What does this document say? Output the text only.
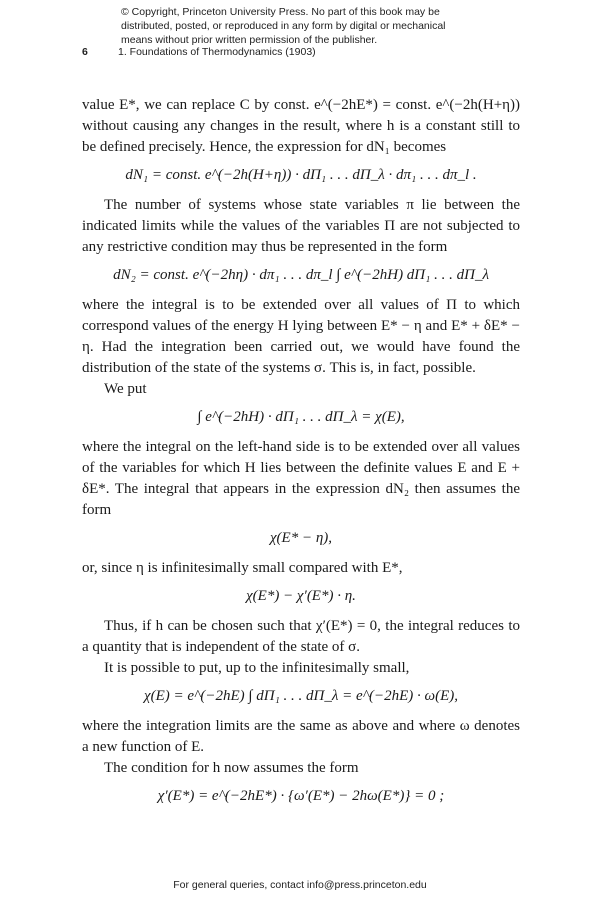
© Copyright, Princeton University Press. No part of this book may be
distributed, posted, or reproduced in any form by digital or mechanical
means without prior written permission of the publisher.
6	1. Foundations of Thermodynamics (1903)

value E*, we can replace C by const. e^(−2hE*) = const. e^(−2h(H+η)) without causing any changes in the result, where h is a constant still to be defined precisely. Hence, the expression for dN₁ becomes

dN₁ = const. e^(−2h(H+η)) · dΠ₁ . . . dΠ_λ · dπ₁ . . . dπ_l .

The number of systems whose state variables π lie between the indicated limits while the values of the variables Π are not subjected to any restrictive condition may thus be represented in the form

dN₂ = const. e^(−2hη) · dπ₁ . . . dπ_l ∫ e^(−2hH) dΠ₁ . . . dΠ_λ

where the integral is to be extended over all values of Π to which correspond values of the energy H lying between E* − η and E* + δE* − η. Had the integration been carried out, we would have found the distribution of the state of the systems σ. This is, in fact, possible.

We put

∫ e^(−2hH) · dΠ₁ . . . dΠ_λ = χ(E),

where the integral on the left-hand side is to be extended over all values of the variables for which H lies between the definite values E and E + δE*. The integral that appears in the expression dN₂ then assumes the form

χ(E* − η),

or, since η is infinitesimally small compared with E*,

χ(E*) − χ′(E*) · η.

Thus, if h can be chosen such that χ′(E*) = 0, the integral reduces to a quantity that is independent of the state of σ.

It is possible to put, up to the infinitesimally small,

χ(E) = e^(−2hE) ∫ dΠ₁ . . . dΠ_λ = e^(−2hE) · ω(E),

where the integration limits are the same as above and where ω denotes a new function of E.

The condition for h now assumes the form

χ′(E*) = e^(−2hE*) · {ω′(E*) − 2hω(E*)} = 0 ;
For general queries, contact info@press.princeton.edu
